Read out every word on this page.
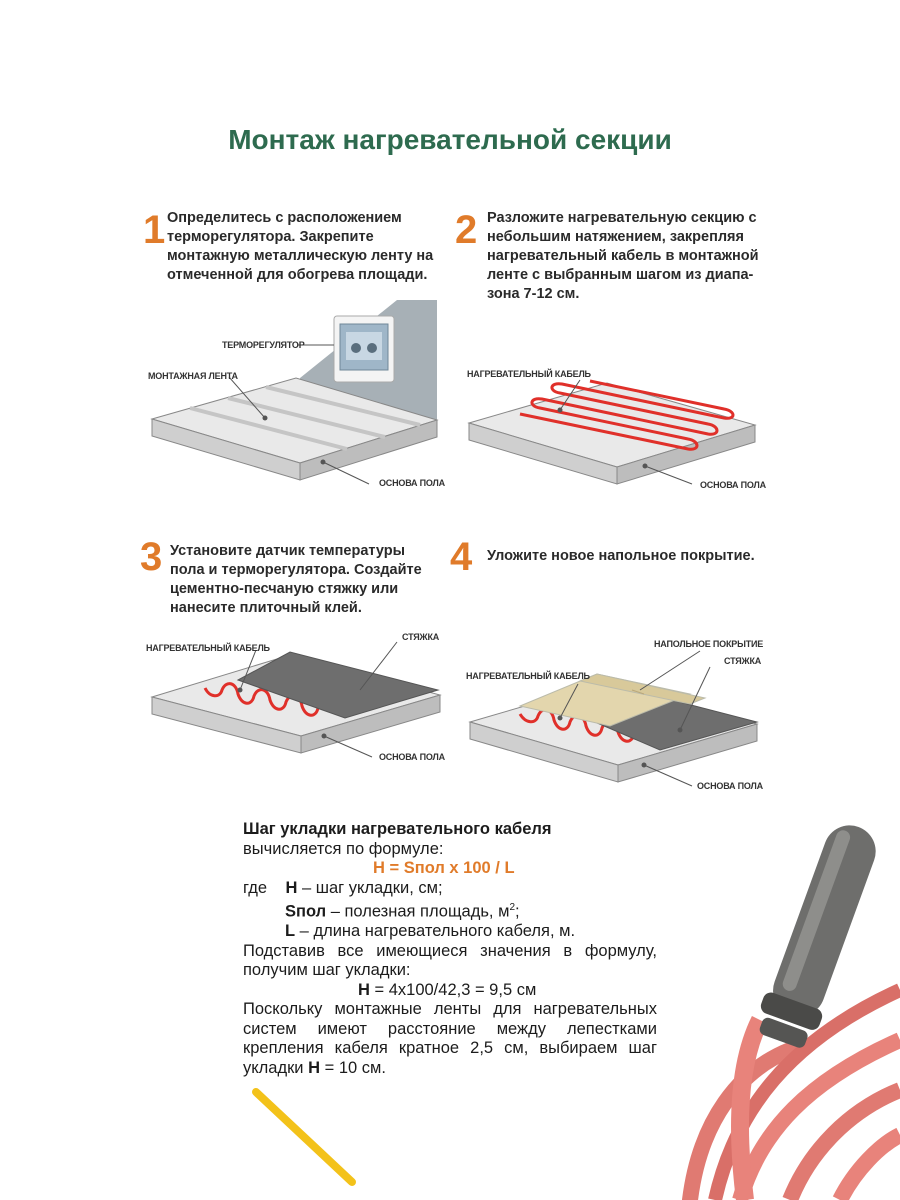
Монтаж нагревательной секции
1 Определитесь с расположением
терморегулятора. Закрепите
монтажную металлическую ленту на
отмеченной для обогрева площади.
2 Разложите нагревательную секцию с
небольшим натяжением, закрепляя
нагревательный кабель в монтажной
ленте с выбранным шагом из диапа-
зона 7-12 см.
3 Установите датчик температуры
пола и терморегулятора. Создайте
цементно-песчаную стяжку или
нанесите плиточный клей.
4 Уложите новое напольное покрытие.
ТЕРМОРЕГУЛЯТОР
МОНТАЖНАЯ ЛЕНТА
ОСНОВА ПОЛА
НАГРЕВАТЕЛЬНЫЙ КАБЕЛЬ
ОСНОВА ПОЛА
НАГРЕВАТЕЛЬНЫЙ КАБЕЛЬ
СТЯЖКА
ОСНОВА ПОЛА
НАПОЛЬНОЕ ПОКРЫТИЕ
СТЯЖКА
НАГРЕВАТЕЛЬНЫЙ КАБЕЛЬ
ОСНОВА ПОЛА
Шаг укладки нагревательного кабеля
вычисляется по формуле:
H = Sпол х 100 / L
где H – шаг укладки, см;
Sпол – полезная площадь, $м^2$;
L – длина нагревательного кабеля, м.
Подставив все имеющиеся значения в формулу, получим шаг укладки:
H = 4х100/42,3 = 9,5 см
Поскольку монтажные ленты для нагревательных систем имеют расстояние между лепестками крепления кабеля кратное 2,5 см, выбираем шаг укладки H = 10 см.
